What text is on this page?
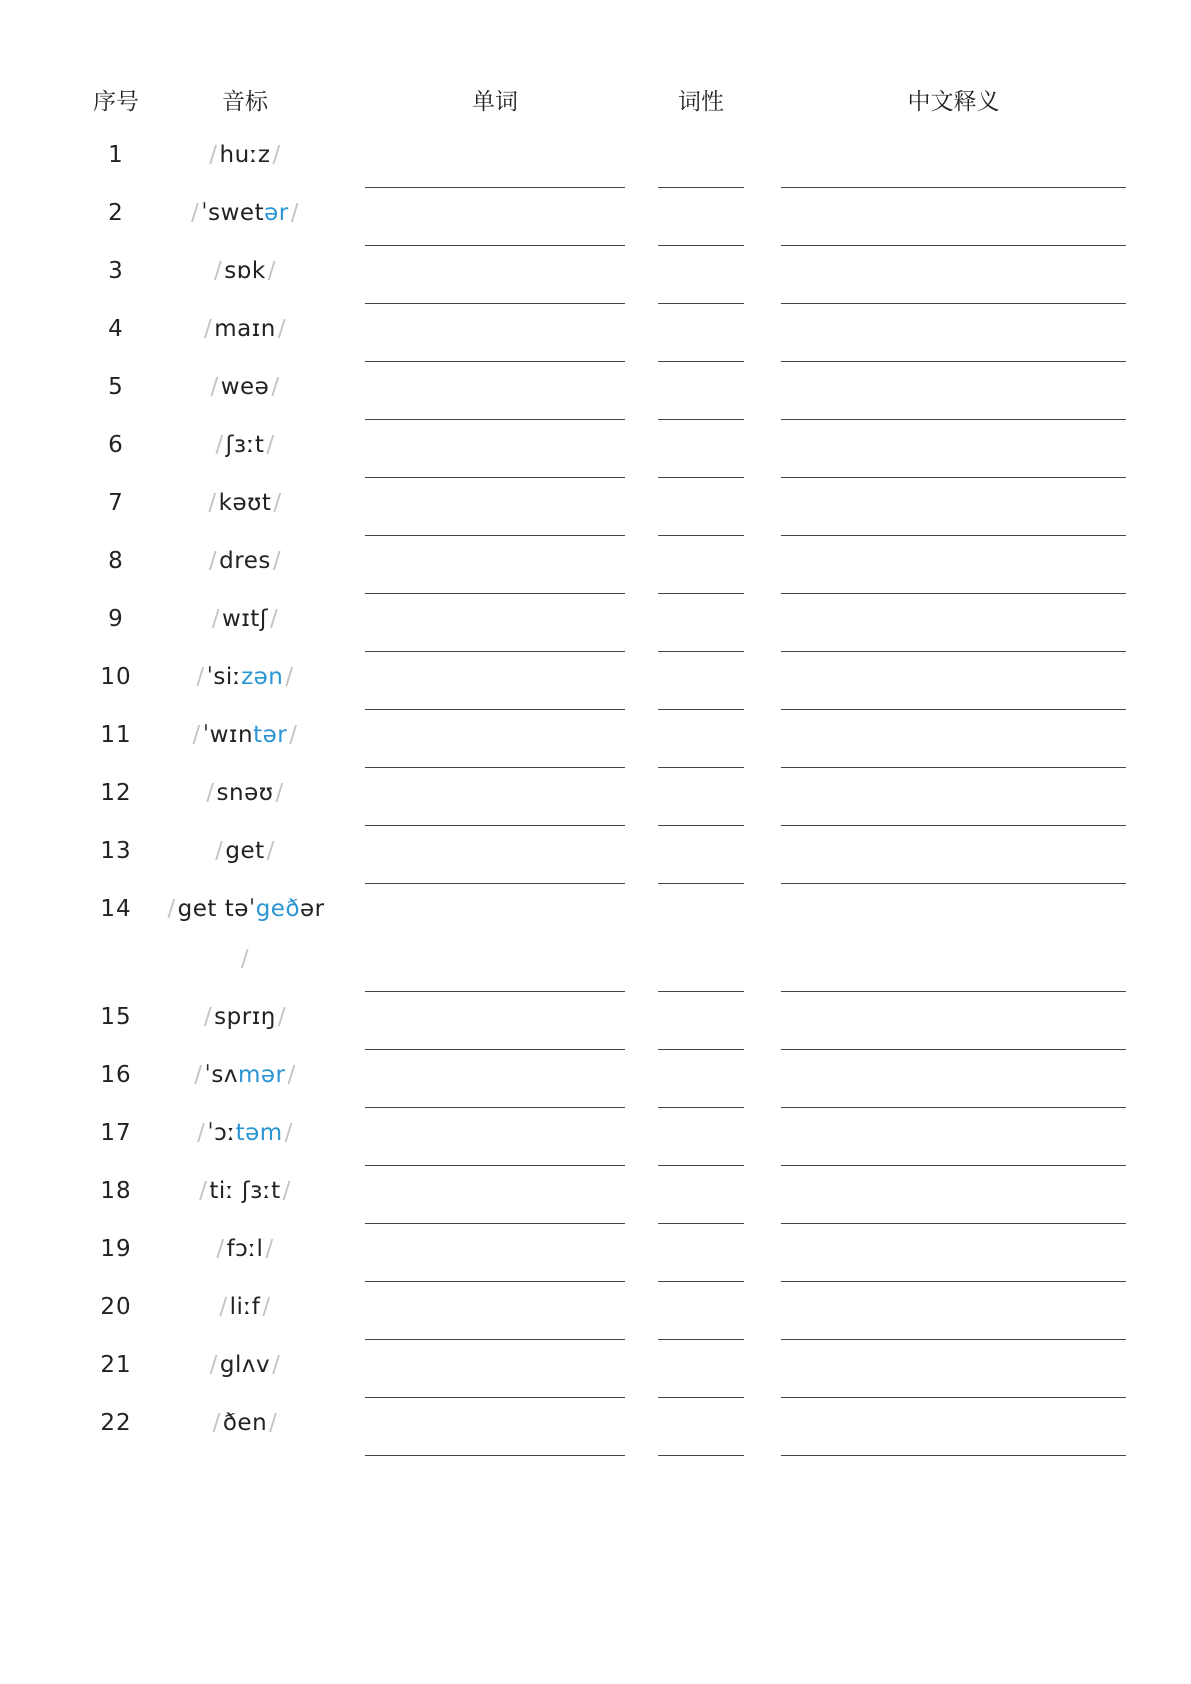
序号	音标	单词	词性	中文释义
1	/huːz/
2	/ˈswetər/
3	/sɒk/
4	/maɪn/
5	/weə/
6	/ʃɜːt/
7	/kəʊt/
8	/dres/
9	/wɪtʃ/
10	/ˈsiːzən/
11	/ˈwɪntər/
12	/snəʊ/
13	/get/
14	/get təˈgeðər
/
15	/sprɪŋ/
16	/ˈsʌmər/
17	/ˈɔːtəm/
18	/tiː ʃɜːt/
19	/fɔːl/
20	/liːf/
21	/glʌv/
22	/ðen/
